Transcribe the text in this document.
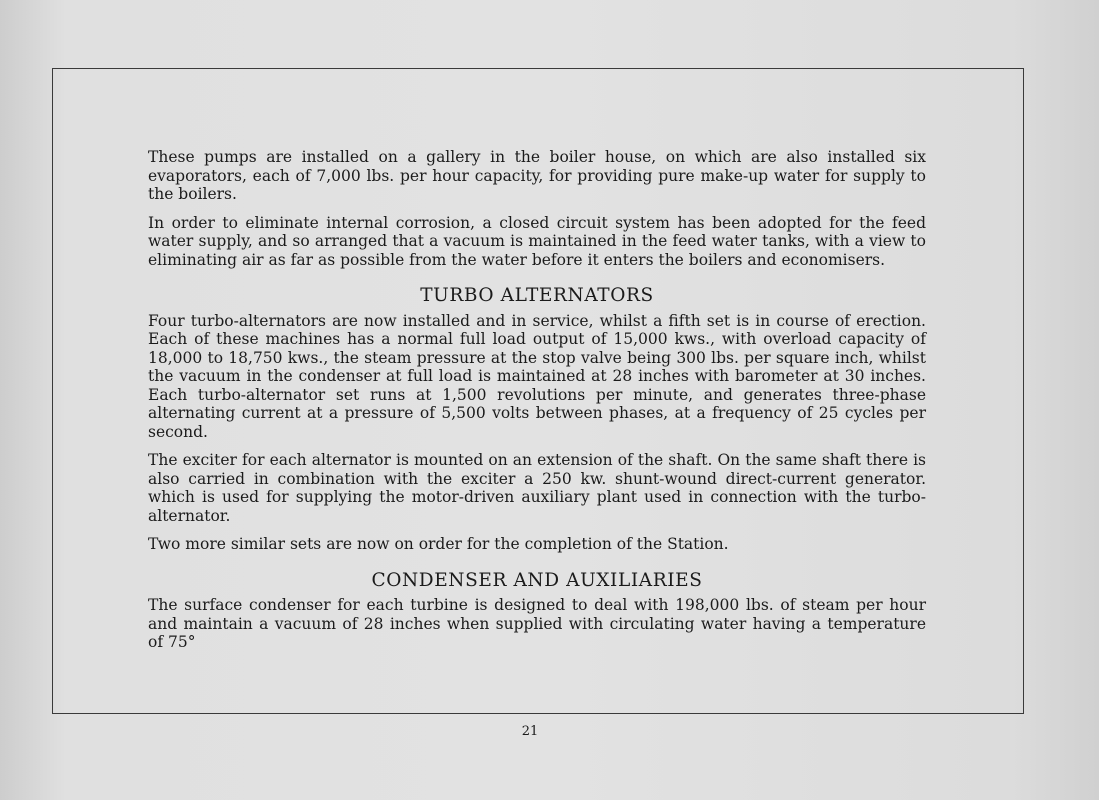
These pumps are installed on a gallery in the boiler house, on which are also installed six evaporators, each of 7,000 lbs. per hour capacity, for providing pure make-up water for supply to the boilers.

In order to eliminate internal corrosion, a closed circuit system has been adopted for the feed water supply, and so arranged that a vacuum is maintained in the feed water tanks, with a view to eliminating air as far as possible from the water before it enters the boilers and economisers.

TURBO ALTERNATORS

Four turbo-alternators are now installed and in service, whilst a fifth set is in course of erection. Each of these machines has a normal full load output of 15,000 kws., with overload capacity of 18,000 to 18,750 kws., the steam pressure at the stop valve being 300 lbs. per square inch, whilst the vacuum in the condenser at full load is maintained at 28 inches with barometer at 30 inches. Each turbo-alternator set runs at 1,500 revolutions per minute, and generates three-phase alternating current at a pressure of 5,500 volts between phases, at a frequency of 25 cycles per second.

The exciter for each alternator is mounted on an extension of the shaft. On the same shaft there is also carried in combination with the exciter a 250 kw. shunt-wound direct-current generator. which is used for supplying the motor-driven auxiliary plant used in connection with the turbo-alternator.

Two more similar sets are now on order for the completion of the Station.

CONDENSER AND AUXILIARIES

The surface condenser for each turbine is designed to deal with 198,000 lbs. of steam per hour and maintain a vacuum of 28 inches when supplied with circulating water having a temperature of 75°

21
